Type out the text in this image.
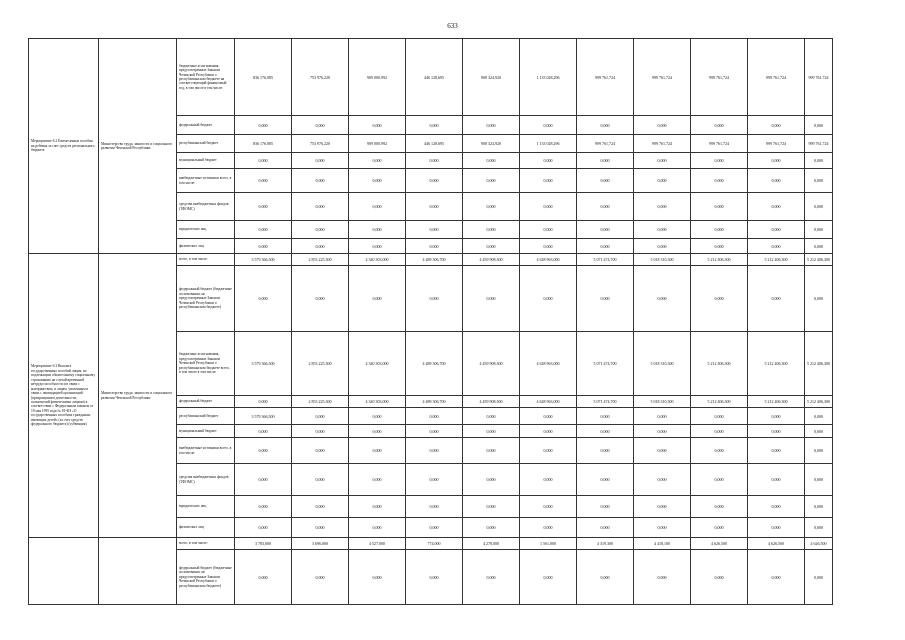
633
Мероприятие 6.2 Ежемесячные пособия на ребенка за счет средств регионального бюджета	Министерство труда, занятости и социального развития Чеченской Республики	бюджетные ассигнования, предусмотренные Законом Чеченской Республики о республиканском бюджете на соответствующий финансовый год, в том числе в том числе:	836 176,085	753 976,220	909 000,992	446 128,695	908 324,920	1 133 028,296	999 761,724	999 761,724	999 761,724	999 761,724	999 761,724
		федеральный бюджет	0,000	0,000	0,000	0,000	0,000	0,000	0,000	0,000	0,000	0,000	0,000
		республиканский бюджет	836 176,085	753 976,220	909 000,992	446 128,695	908 324,920	1 133 028,296	999 761,724	999 761,724	999 761,724	999 761,724	999 761,724
		муниципальный бюджет	0,000	0,000	0,000	0,000	0,000	0,000	0,000	0,000	0,000	0,000	0,000
		внебюджетные источники всего, в том числе:	0,000	0,000	0,000	0,000	0,000	0,000	0,000	0,000	0,000	0,000	0,000
		средства внебюджетных фондов (ТФОМС)	0,000	0,000	0,000	0,000	0,000	0,000	0,000	0,000	0,000	0,000	0,000
		юридических лиц	0,000	0,000	0,000	0,000	0,000	0,000	0,000	0,000	0,000	0,000	0,000
		физических лиц	0,000	0,000	0,000	0,000	0,000	0,000	0,000	0,000	0,000	0,000	0,000
Мероприятие 6.3 Выплата государственных пособий лицам, не подлежащим обязательному социальному страхованию на случай временной нетрудоспособности и в связи с материнством, и лицам, уволенным в связи с ликвидацией организаций (прекращением деятельности, полномочий физическими лицами) в соответствии с Федеральным законом от 19 мая 1995 года № 81-ФЗ «О государственных пособиях гражданам, имеющим детей» (за счет средств федерального бюджета) (субвенция)	Министерство труда, занятости и социального развития Чеченской Республики	всего, в том числе:	3 579 366,500	2 853 225,300	4 340 303,000	4 489 306,700	4 459 908,300	4 628 963,000	5 071 474,700	5 018 310,300	5 212 406,300	5 212 406,300	5 212 406,300
		федеральный бюджет (бюджетные ассигнования, не предусмотренные Законом Чеченской Республики о республиканском бюджете)	0,000	0,000	0,000	0,000	0,000	0,000	0,000	0,000	0,000	0,000	0,000
		бюджетные ассигнования, предусмотренные Законом Чеченской Республики о республиканском бюджете всего, в том числе в том числе:	3 579 366,500	2 853 225,300	4 340 303,000	4 489 306,700	4 459 908,300	4 628 963,000	5 071 474,700	5 018 310,300	5 212 406,300	5 212 406,300	5 212 406,300
		федеральный бюджет	0,000	2 853 225,300	4 340 303,000	4 489 306,700	4 459 908,300	4 628 963,000	5 071 474,700	5 018 310,300	5 212 406,300	5 212 406,300	5 212 406,300
		республиканский бюджет	3 579 366,500	0,000	0,000	0,000	0,000	0,000	0,000	0,000	0,000	0,000	0,000
		муниципальный бюджет	0,000	0,000	0,000	0,000	0,000	0,000	0,000	0,000	0,000	0,000	0,000
		внебюджетные источники всего, в том числе:	0,000	0,000	0,000	0,000	0,000	0,000	0,000	0,000	0,000	0,000	0,000
		средства внебюджетных фондов (ТФОМС)	0,000	0,000	0,000	0,000	0,000	0,000	0,000	0,000	0,000	0,000	0,000
		юридических лиц	0,000	0,000	0,000	0,000	0,000	0,000	0,000	0,000	0,000	0,000	0,000
		физических лиц	0,000	0,000	0,000	0,000	0,000	0,000	0,000	0,000	0,000	0,000	0,000
		всего, в том числе:	3 783,000	3 696,000	4 527,000	774,000	4 278,000	1 561,000	4 319,300	4 418,100	4 626,500	4 626,500	4 626,500
		федеральный бюджет (бюджетные ассигнования, не предусмотренные Законом Чеченской Республики о республиканском бюджете)	0,000	0,000	0,000	0,000	0,000	0,000	0,000	0,000	0,000	0,000	0,000
